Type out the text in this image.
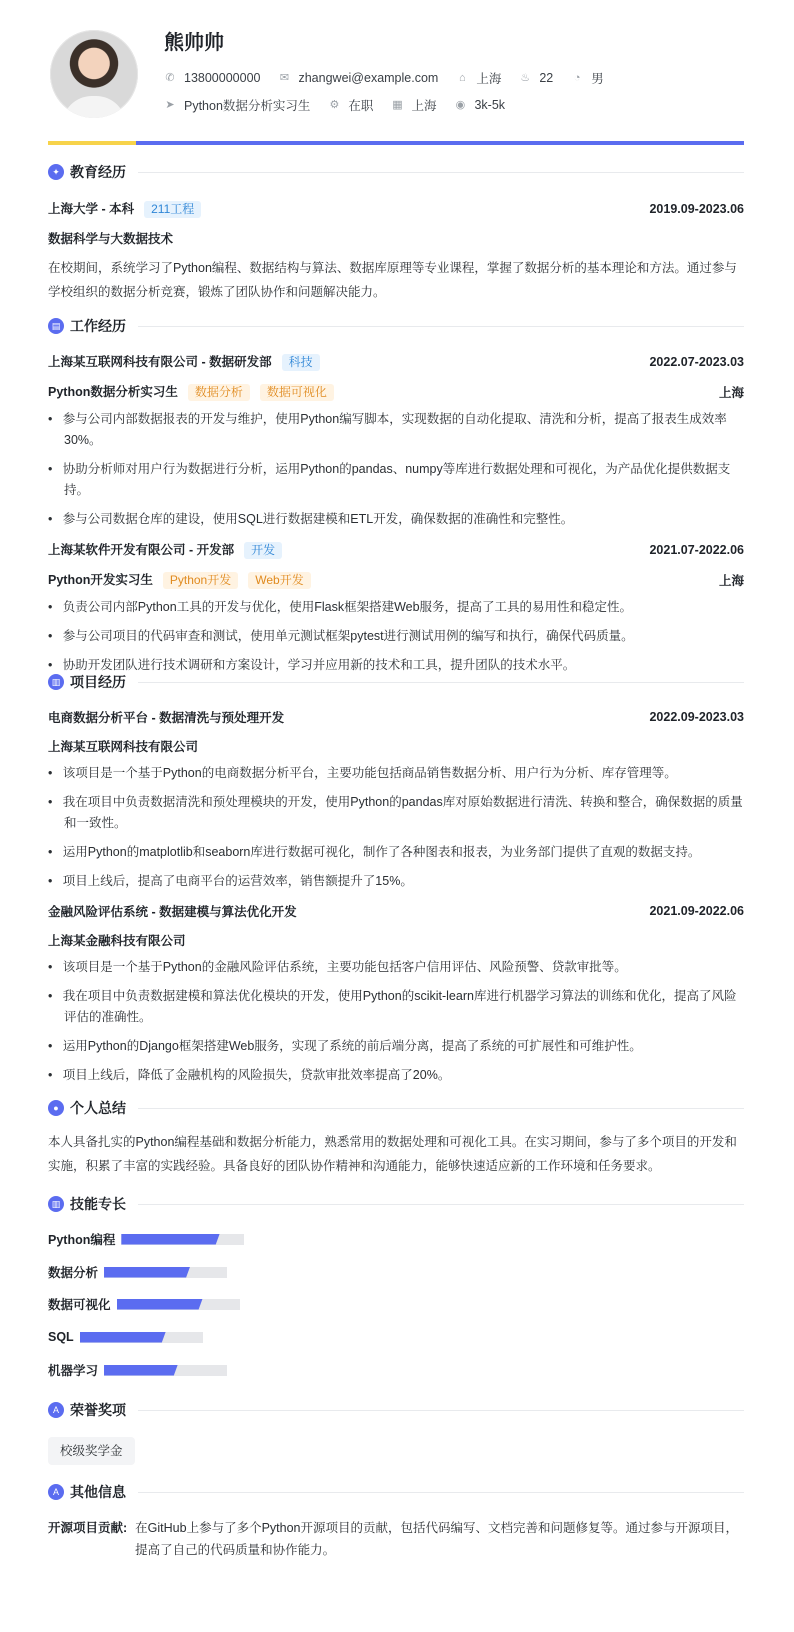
熊帅帅
✆ 13800000000 ✉ zhangwei@example.com ⌂ 上海 ♨ 22 ◔ 男
➤ Python数据分析实习生 ⚙ 在职 ▦ 上海 ◉ 3k-5k
✦ 教育经历
上海大学 - 本科 211工程	2019.09-2023.06
数据科学与大数据技术
在校期间，系统学习了Python编程、数据结构与算法、数据库原理等专业课程，掌握了数据分析的基本理论和方法。通过参与学校组织的数据分析竞赛，锻炼了团队协作和问题解决能力。
▤ 工作经历
上海某互联网科技有限公司 - 数据研发部 科技	2022.07-2023.03
Python数据分析实习生 数据分析 数据可视化	上海
•   参与公司内部数据报表的开发与维护，使用Python编写脚本，实现数据的自动化提取、清洗和分析，提高了报表生成效率30%。
•   协助分析师对用户行为数据进行分析，运用Python的pandas、numpy等库进行数据处理和可视化，为产品优化提供数据支持。
•   参与公司数据仓库的建设，使用SQL进行数据建模和ETL开发，确保数据的准确性和完整性。
上海某软件开发有限公司 - 开发部 开发	2021.07-2022.06
Python开发实习生 Python开发 Web开发	上海
•   负责公司内部Python工具的开发与优化，使用Flask框架搭建Web服务，提高了工具的易用性和稳定性。
•   参与公司项目的代码审查和测试，使用单元测试框架pytest进行测试用例的编写和执行，确保代码质量。
•   协助开发团队进行技术调研和方案设计，学习并应用新的技术和工具，提升团队的技术水平。
▥ 项目经历
电商数据分析平台 - 数据清洗与预处理开发	2022.09-2023.03
上海某互联网科技有限公司
•   该项目是一个基于Python的电商数据分析平台，主要功能包括商品销售数据分析、用户行为分析、库存管理等。
•   我在项目中负责数据清洗和预处理模块的开发，使用Python的pandas库对原始数据进行清洗、转换和整合，确保数据的质量和一致性。
•   运用Python的matplotlib和seaborn库进行数据可视化，制作了各种图表和报表，为业务部门提供了直观的数据支持。
•   项目上线后，提高了电商平台的运营效率，销售额提升了15%。
金融风险评估系统 - 数据建模与算法优化开发	2021.09-2022.06
上海某金融科技有限公司
•   该项目是一个基于Python的金融风险评估系统，主要功能包括客户信用评估、风险预警、贷款审批等。
•   我在项目中负责数据建模和算法优化模块的开发，使用Python的scikit-learn库进行机器学习算法的训练和优化，提高了风险评估的准确性。
•   运用Python的Django框架搭建Web服务，实现了系统的前后端分离，提高了系统的可扩展性和可维护性。
•   项目上线后，降低了金融机构的风险损失，贷款审批效率提高了20%。
● 个人总结
本人具备扎实的Python编程基础和数据分析能力，熟悉常用的数据处理和可视化工具。在实习期间，参与了多个项目的开发和实施，积累了丰富的实践经验。具备良好的团队协作精神和沟通能力，能够快速适应新的工作环境和任务要求。
▥ 技能专长
Python编程
数据分析
数据可视化
SQL
机器学习
A 荣誉奖项
校级奖学金
A 其他信息
开源项目贡献: 在GitHub上参与了多个Python开源项目的贡献，包括代码编写、文档完善和问题修复等。通过参与开源项目，提高了自己的代码质量和协作能力。
